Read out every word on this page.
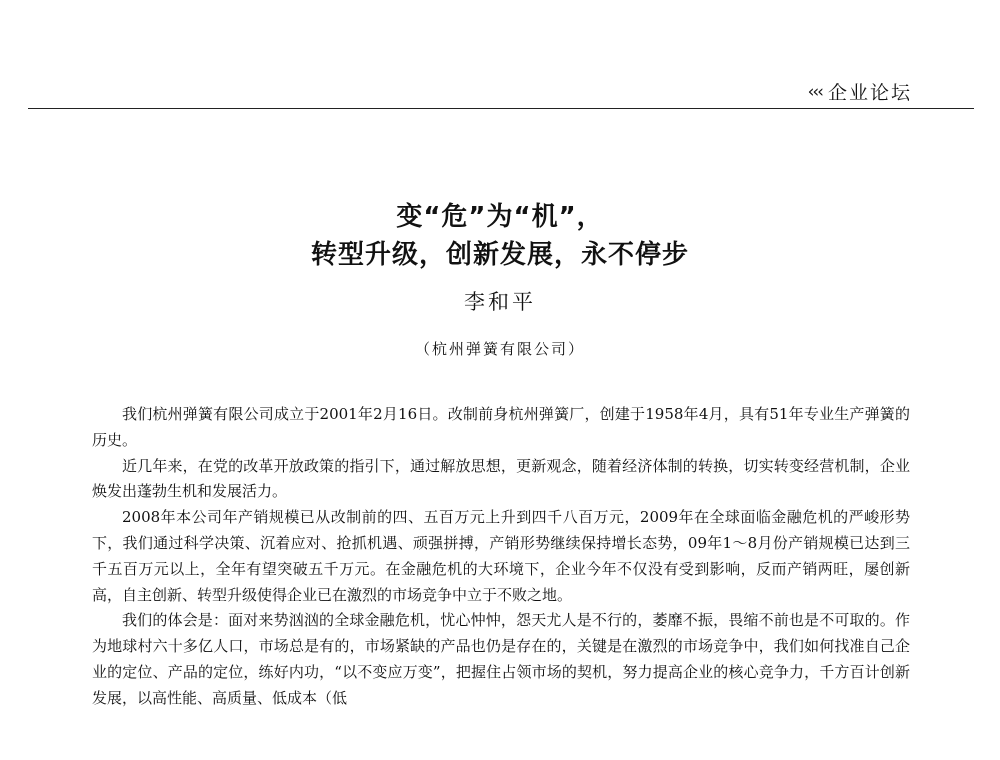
‹‹‹ 企业论坛
变“危”为“机”，
转型升级，创新发展，永不停步
李和平
（杭州弹簧有限公司）

我们杭州弹簧有限公司成立于2001年2月16日。改制前身杭州弹簧厂，创建于1958年4月，具有51年专业生产弹簧的历史。

近几年来，在党的改革开放政策的指引下，通过解放思想，更新观念，随着经济体制的转换，切实转变经营机制，企业焕发出蓬勃生机和发展活力。

2008年本公司年产销规模已从改制前的四、五百万元上升到四千八百万元，2009年在全球面临金融危机的严峻形势下，我们通过科学决策、沉着应对、抢抓机遇、顽强拼搏，产销形势继续保持增长态势，09年1～8月份产销规模已达到三千五百万元以上，全年有望突破五千万元。在金融危机的大环境下，企业今年不仅没有受到影响，反而产销两旺，屡创新高，自主创新、转型升级使得企业已在激烈的市场竞争中立于不败之地。

我们的体会是：面对来势汹汹的全球金融危机，忧心忡忡，怨天尤人是不行的，萎靡不振，畏缩不前也是不可取的。作为地球村六十多亿人口，市场总是有的，市场紧缺的产品也仍是存在的，关键是在激烈的市场竞争中，我们如何找准自己企业的定位、产品的定位，练好内功，“以不变应万变”，把握住占领市场的契机，努力提高企业的核心竞争力，千方百计创新发展，以高性能、高质量、低成本（低
